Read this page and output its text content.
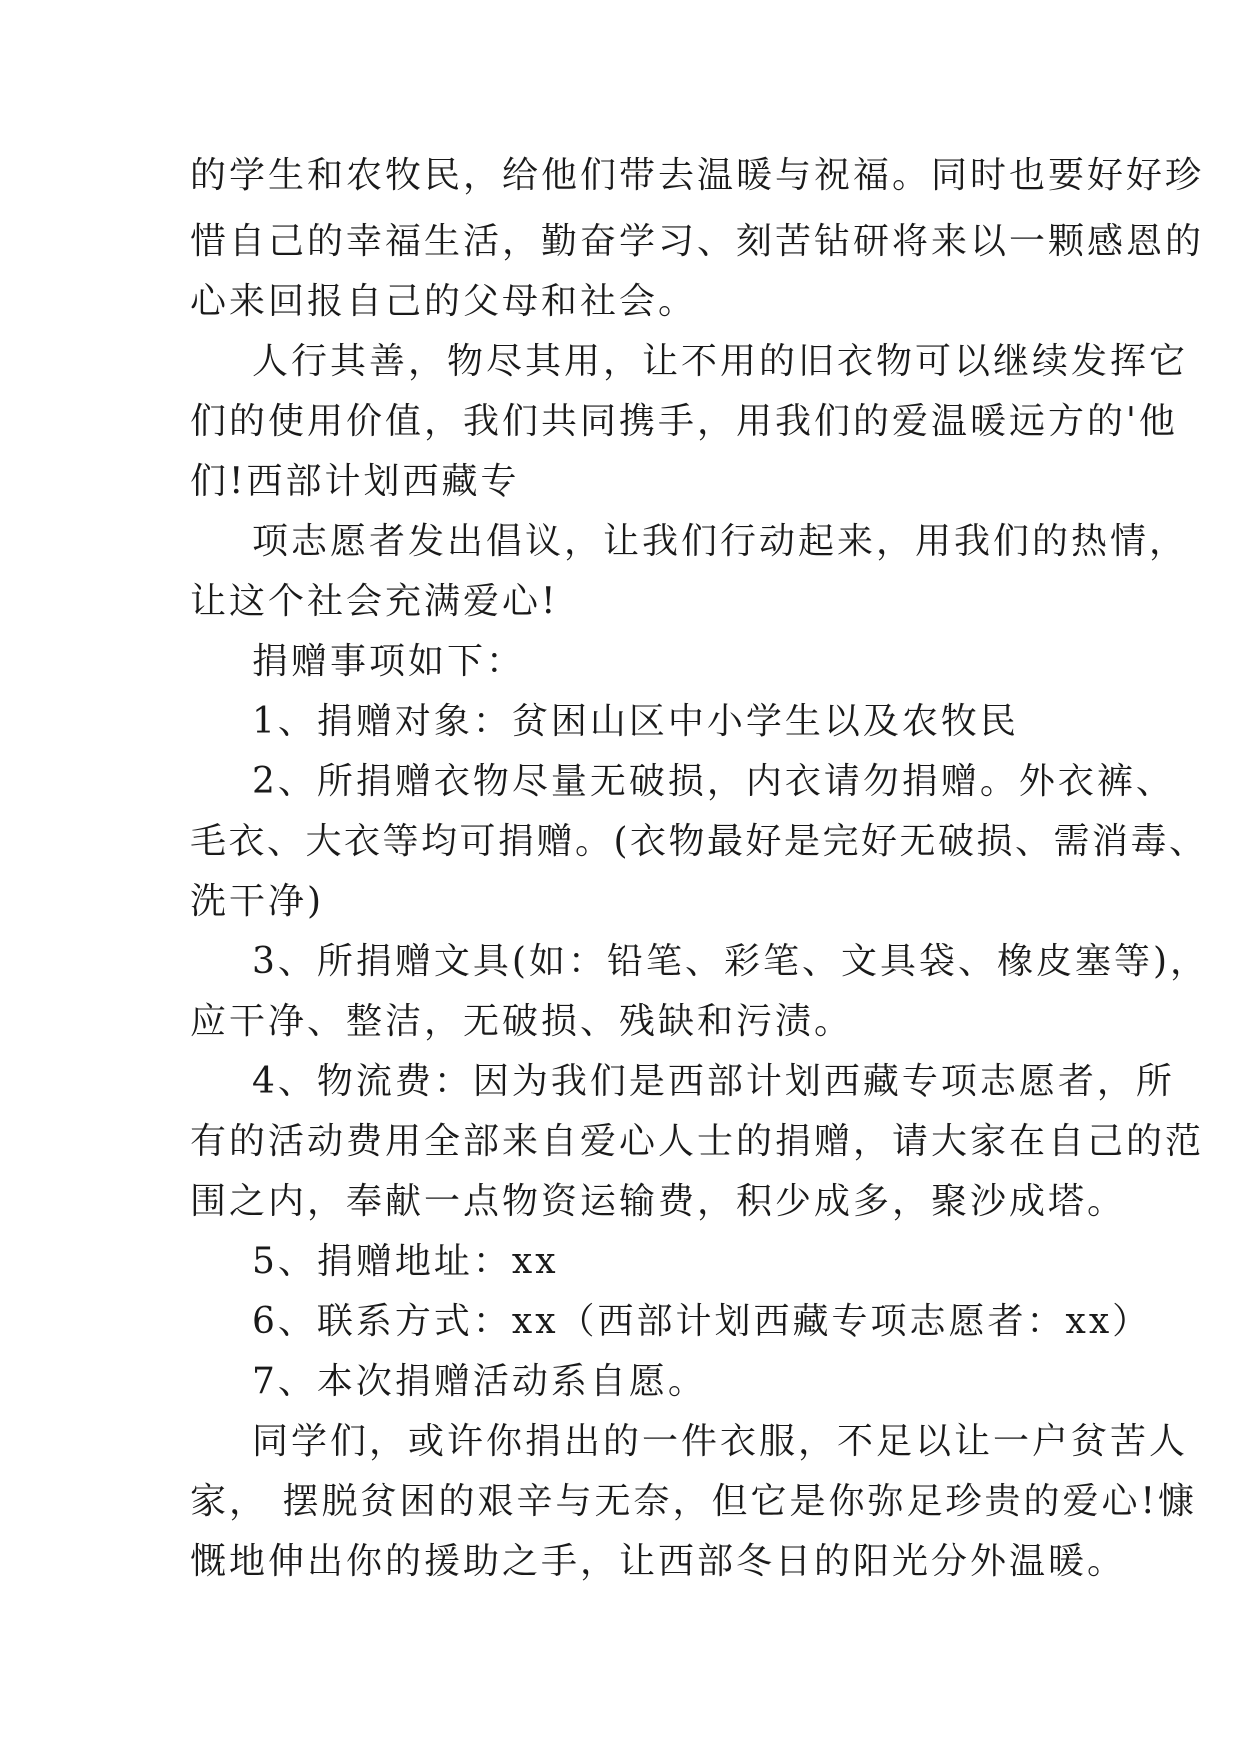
的学生和农牧民，给他们带去温暖与祝福。同时也要好好珍
惜自己的幸福生活，勤奋学习、刻苦钻研将来以一颗感恩的
心来回报自己的父母和社会。
人行其善，物尽其用，让不用的旧衣物可以继续发挥它
们的使用价值，我们共同携手，用我们的爱温暖远方的'他
们!西部计划西藏专
项志愿者发出倡议，让我们行动起来，用我们的热情，
让这个社会充满爱心!
捐赠事项如下：
1、捐赠对象：贫困山区中小学生以及农牧民
2、所捐赠衣物尽量无破损，内衣请勿捐赠。外衣裤、
毛衣、大衣等均可捐赠。(衣物最好是完好无破损、需消毒、
洗干净)
3、所捐赠文具(如：铅笔、彩笔、文具袋、橡皮塞等)，
应干净、整洁，无破损、残缺和污渍。
4、物流费：因为我们是西部计划西藏专项志愿者，所
有的活动费用全部来自爱心人士的捐赠，请大家在自己的范
围之内，奉献一点物资运输费，积少成多，聚沙成塔。
5、捐赠地址：xx
6、联系方式：xx（西部计划西藏专项志愿者：xx）
7、本次捐赠活动系自愿。
同学们，或许你捐出的一件衣服，不足以让一户贫苦人
家， 摆脱贫困的艰辛与无奈，但它是你弥足珍贵的爱心!慷
慨地伸出你的援助之手，让西部冬日的阳光分外温暖。
